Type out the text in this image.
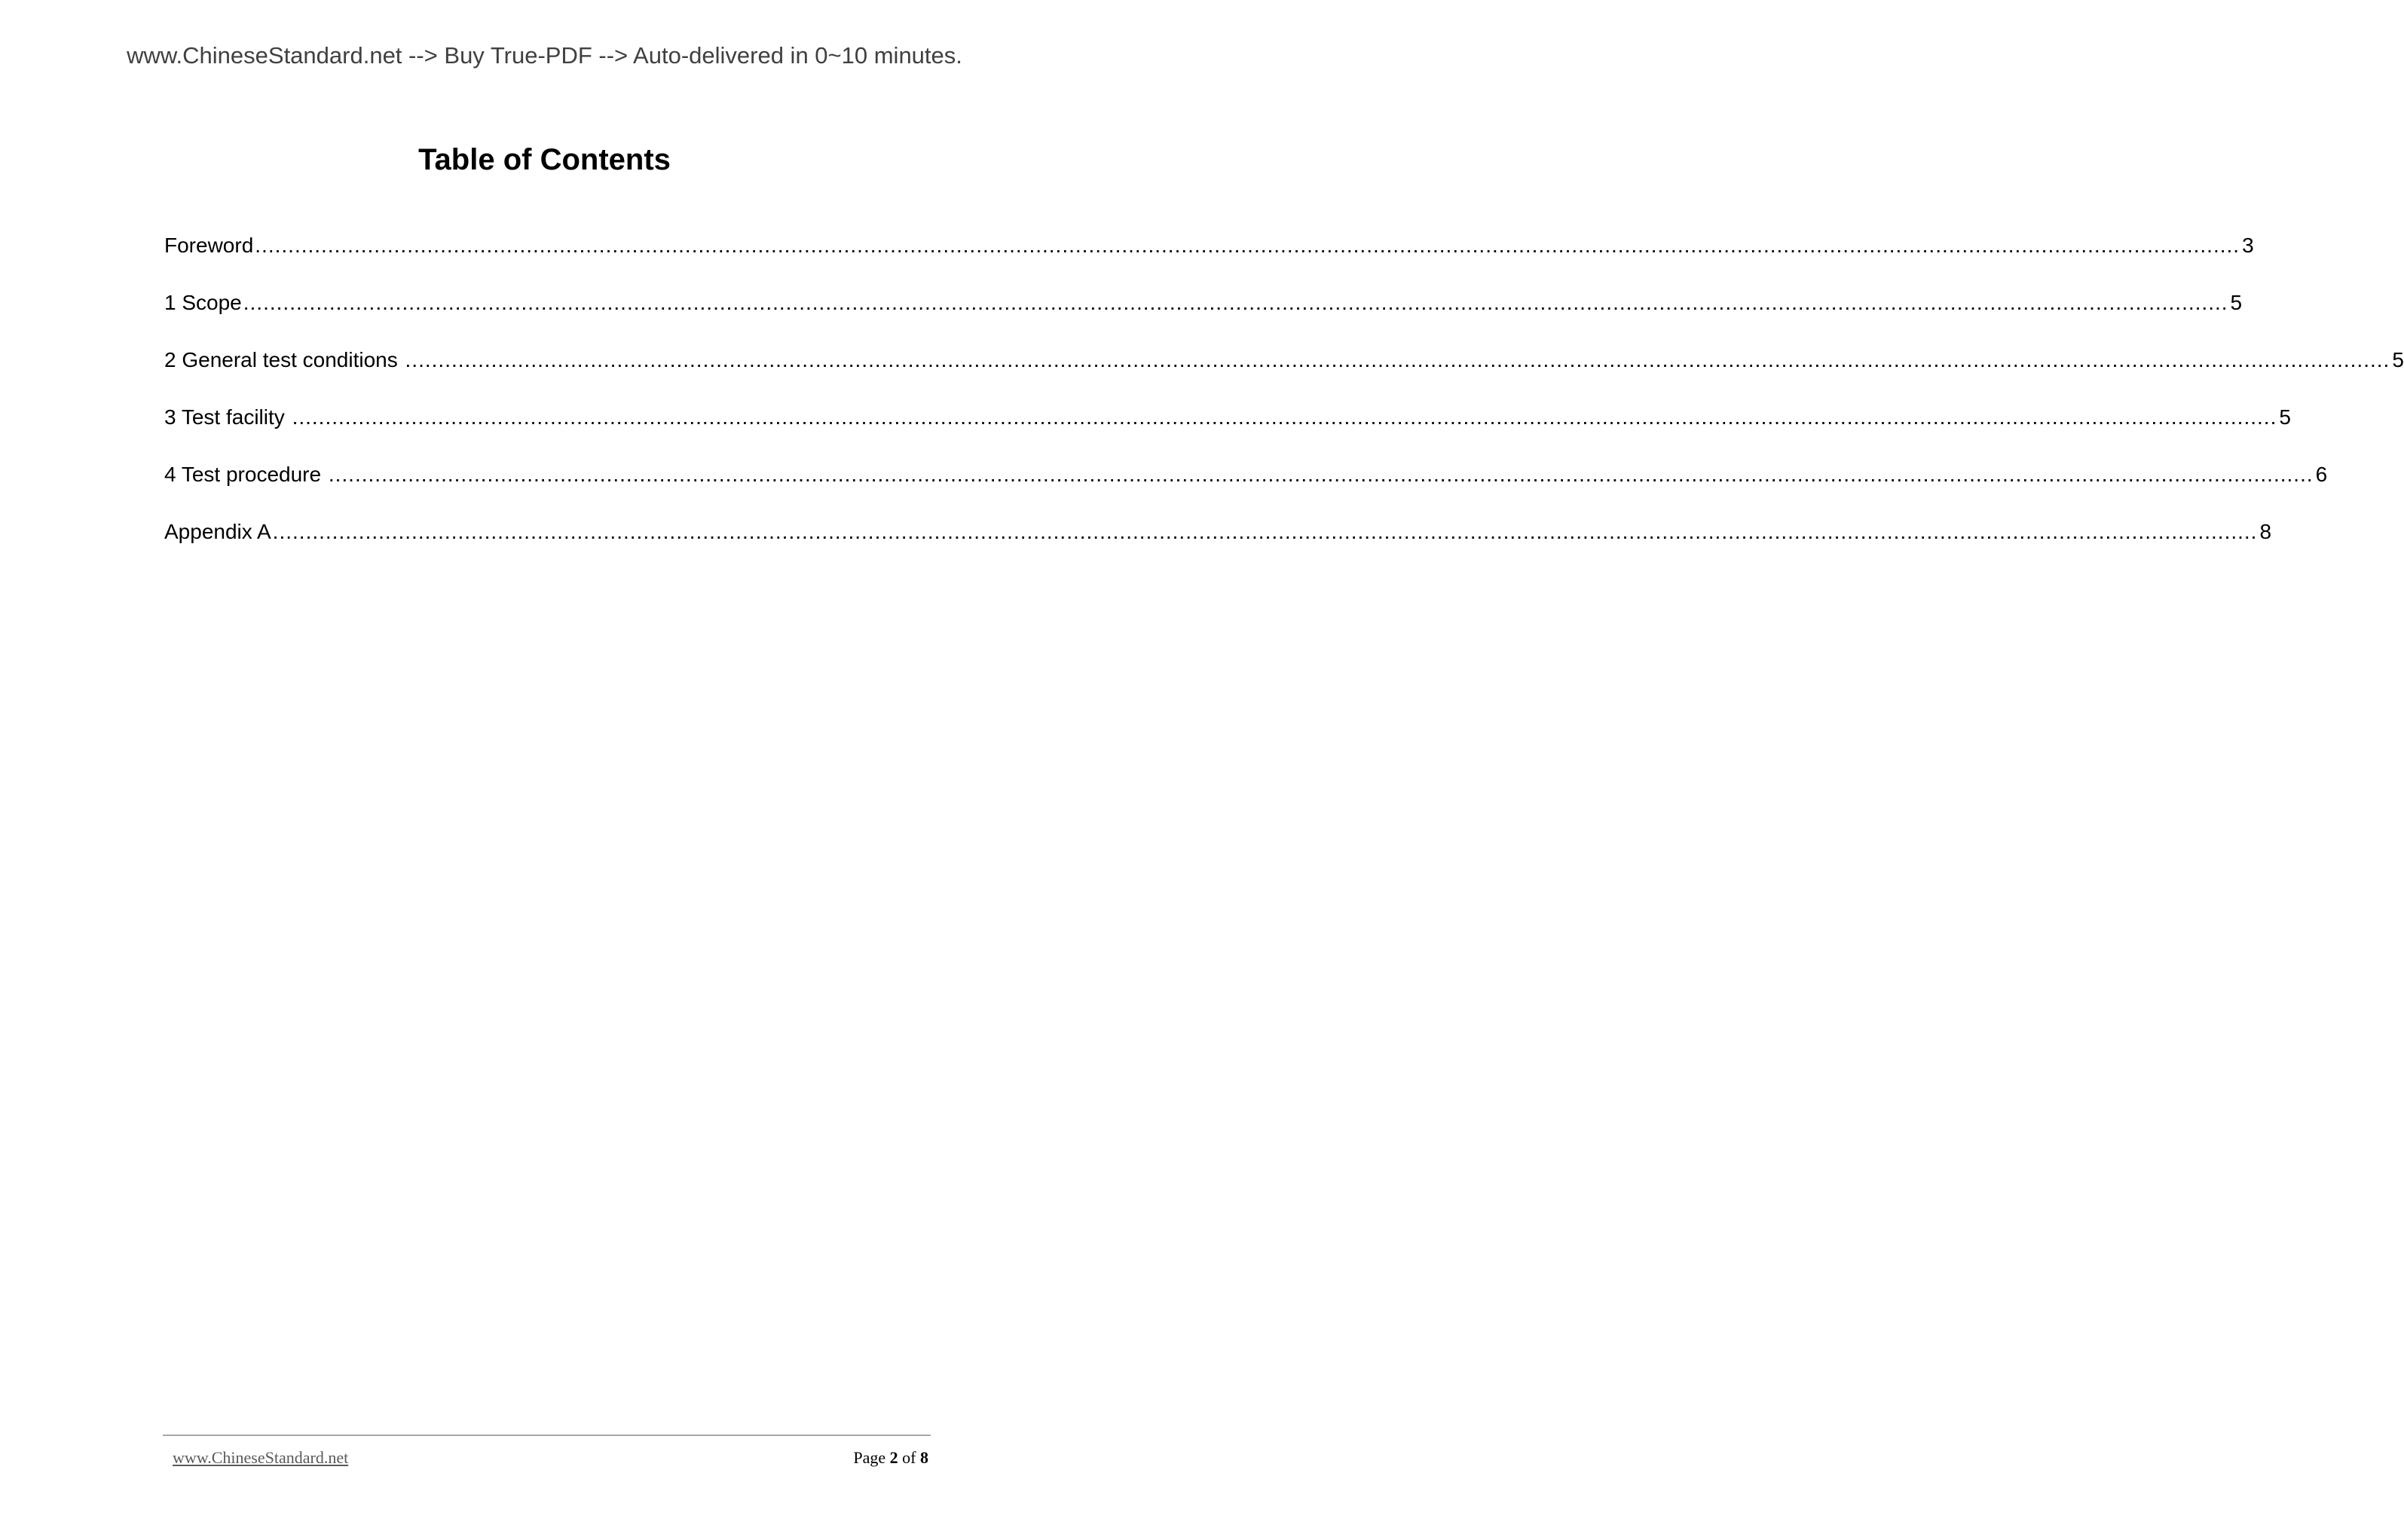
www.ChineseStandard.net --> Buy True-PDF --> Auto-delivered in 0~10 minutes.
Table of Contents
Foreword ............................................................................................................................................................................................................................................................................................................ 3
1 Scope ............................................................................................................................................................................................................................................................................................................ 5
2 General test conditions ............................................................................................................................................................................................................................................................................................................ 5
3 Test facility ............................................................................................................................................................................................................................................................................................................ 5
4 Test procedure ............................................................................................................................................................................................................................................................................................................ 6
Appendix A ............................................................................................................................................................................................................................................................................................................ 8
www.ChineseStandard.net	Page 2 of 8
